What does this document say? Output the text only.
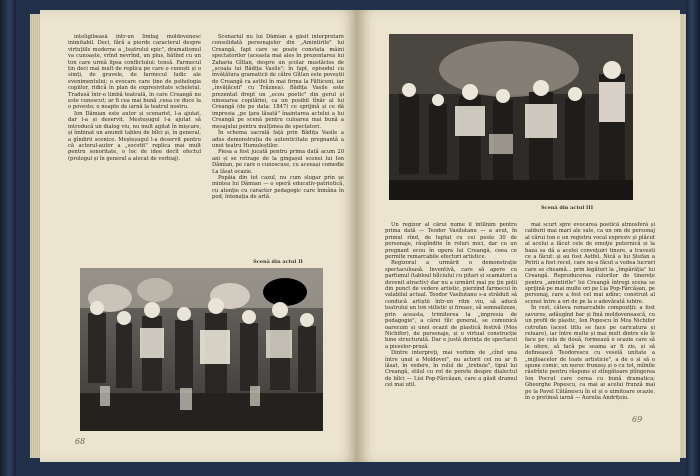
inteligibeasă într-un limbaj moldovenesc inimitabil. Deci, fără a pierde caracterul despre virtuțiile moderne a „teatrului epic", dramatismul va cunoaște, vrînd nevrînd, un plus, bătînd cu un ton care urmă lipsa conflictului: tensă. Farmecul țin deci mai mult de replica pe care o cunoști și o simți, de gravele, de farmecul ludic ale evenimentului; o evocare care ține de psihologia copiilor, ridică în plan de expresivitate scheletul. Tradusă într-o limbă teatrală, în care Creangă nu este cunoscut; ar fi cea mai bună ‚ceea ce duce la o poveste; o noapte de iarnă la teatrul nostru.

Ion Dămian este autor și scenarist, l-a ajutat, dar l-a și deservit. Meșteșugul l-a ajutat să introducă un dialog viu, nu mult agitat în mișcare, și îmbinat un anumit tablou de bîlci și, în general, a gîndirii scenice. Meșteșugul l-a deservit pentru că actorul-autor a „socotit" replica mai mult pentru sonoritate, o loc de idee decît efectul (prologul și în general a alocat de verbiaj).

Scenariul nu lui Dămian a găsit interpretare consolidată personajelor din „Amintirile" lui Creangă, fapt care se poate constata mâini spectatorilor (aceasta mai ales în prezentarea lui Zaharia Gîtlan, despre un școlar mustăcios de „școala lui Bădița Vasile"; în fapt, episodul cu învățătura gramaticii de către Gîtlan este poveștii de Creangă ca astfel în mai firma la Fălticeni, iar „învățăceii" cu Trăznea). Bădița Vasile este prezentat drept un „ecou poetic" din gerul și ninsoarea copilăriei, ca un posibil tînăr al lui Creangă (de pe data: 1847) ce sprijină și ce dă impresia „pe ţara lăsată" înaintarea actului a lui Creangă pe scenă pentru culoarea mai bună a mesajului pentru mulțimea de spectatori.

În schema sacrală față prin Bădița Vasile a adus demonstrația de autenticitate pregnantă a unui teatru Humuleștilor.

Piesa a fost jucată pentru prima dată acum 20 ani și se retrage de la gingașul scenei lui Ion Dămian, pe care o cunoscuse, cu aceeași comedie La lăsat ocazie.

Popăia din tot cazul, nu cum slugar prin șe mintea lui Dămian — o operă educativ-patriotică, cu atenție cu caracter pedagogic care înmâna în pod, întonația de artă.

Scenă din actul II
68
Scenă din actul III

Un regizor al cărui nume îl întîlnim pentru prima dată — Teodor Vasilutanu — a avut, în primul rînd, de luptat cu cei peste 30 de personaje, răspîndite în roluri mici, dar cu un pregnant ecou în opera lui Creangă, ceea ce permite remarcabile efecturi artistice.

Regizoral a urmărit o demonstrație spectaculoasă. Inventivă, care să apere cu parfumul (tabloul bîlciului cu pitari și scamatori a devenit atractiv) dar nu a urmărit mai pu ţin polii din punct de vedere artistic, pierzînd farmecul în valabilul actual. Teodor Vasilutanu s-a străduit să conducă artiștii într-un ritm viu, să aducă teatrului un ton stilistic și fireasc, să semnalizeze, prin aceasta, trimiterea la „impresia de pedagogie", a cărei tîlc general, se comunică oarecum și unei ocazii de plastică festivă (Moș Nichifor), de personaje, și o virtual construcție bine structurată. Dar e justă dorința de spectacol a pieselor-proză.

Dintre interpreți, mai vorbim de „cînd una între unul a Moldovei", nu actorii cei nu ar fi lăsat, în vedere, în rolul de „trebuie", tipul lui Creangă, stilul cu rol de perete despre dialectul de bîlci — Lisi Pop-Fărcășan, care a găsit dramul cel mai util.

mai scurt spre evocarea poetică atmosferă și caldurii mai mari ale sale, ca un om de personaj al cărui ton e un registru vocal expresiv și plăcut al acelui a făcut cele de emoţie puternică și la baza sa dă a acelei conveţuiri tinere, a travesti ce a făcut: și au fost Astfel. Nică a lui Ștefan a Petrii a fost recel, care ne-a făcut a vedea lucruri care se cheamă... prin legături la „împărăția" lui Creangă. Reproducerea culorilor de tinerețe pentru „amintirile" lui Creangă întregi scena se sprijină pe mai multe ori pe Lia Pop-Fărcășan, pe personaj, care a fost cel mai adînc; construit al scenei între a ori de pe la o adevărată iubire.

În rest, câteva remarcabile compoziții: a fost savuros, adăugînd bar și fină moldovenească, cu un profil de plastic, Ion Popescu în Moș Nichifor cotrofan (acest titlu se face pe caricatura și reluare), iar între multe și mai mult dintre ele le face pe cele de două, formează o ocazie care să le ofere, să facă pe seama ar fi zis, și să definească Teodorescu cu veselă unitate a „mijloacelor de toate artisticie", a de o și să o spune comic, un noroc frunzeș și o cu tot, mîinile răsfrînte pentru răspuns și stîngătoare plîngerea Ion Pocrat care cerea cu bună dramatica; Gheorghe Popescu, ca mai ai acelui frunză mai pe la Pavel Cătănescu în el și o uimitoare ocazie, în o pretinsă iarnă — Aurelia Andrițoiu.

69
